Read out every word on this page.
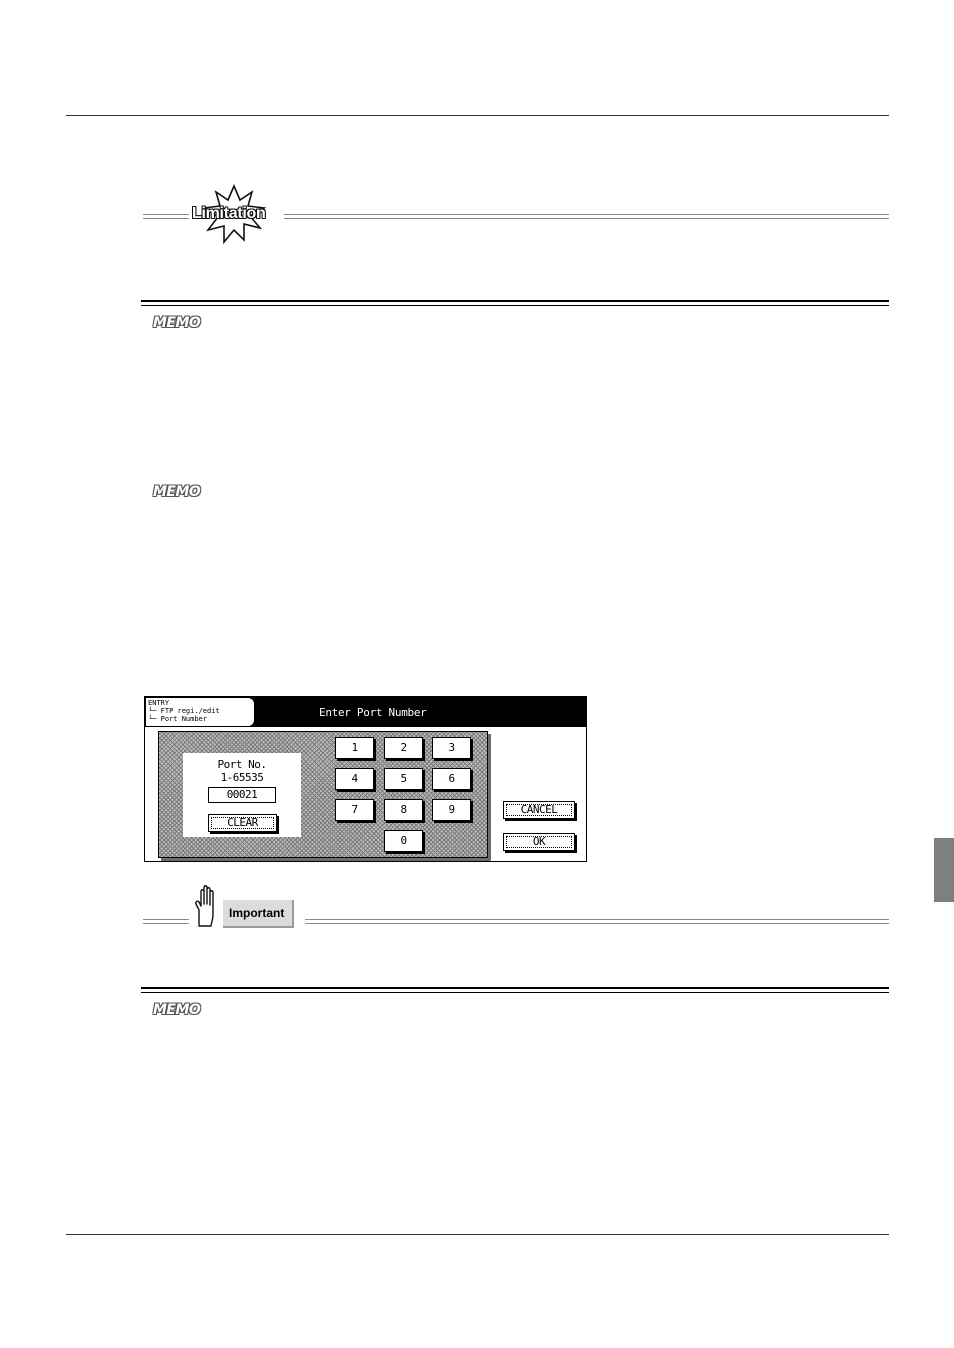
Limitation
MEMO
MEMO
ENTRY
└─ FTP regi./edit
└─ Port Number	Enter Port Number
Port No.
1-65535
00021
CLEAR
1	2	3
4	5	6
7	8	9
0
CANCEL
OK
Important
MEMO
